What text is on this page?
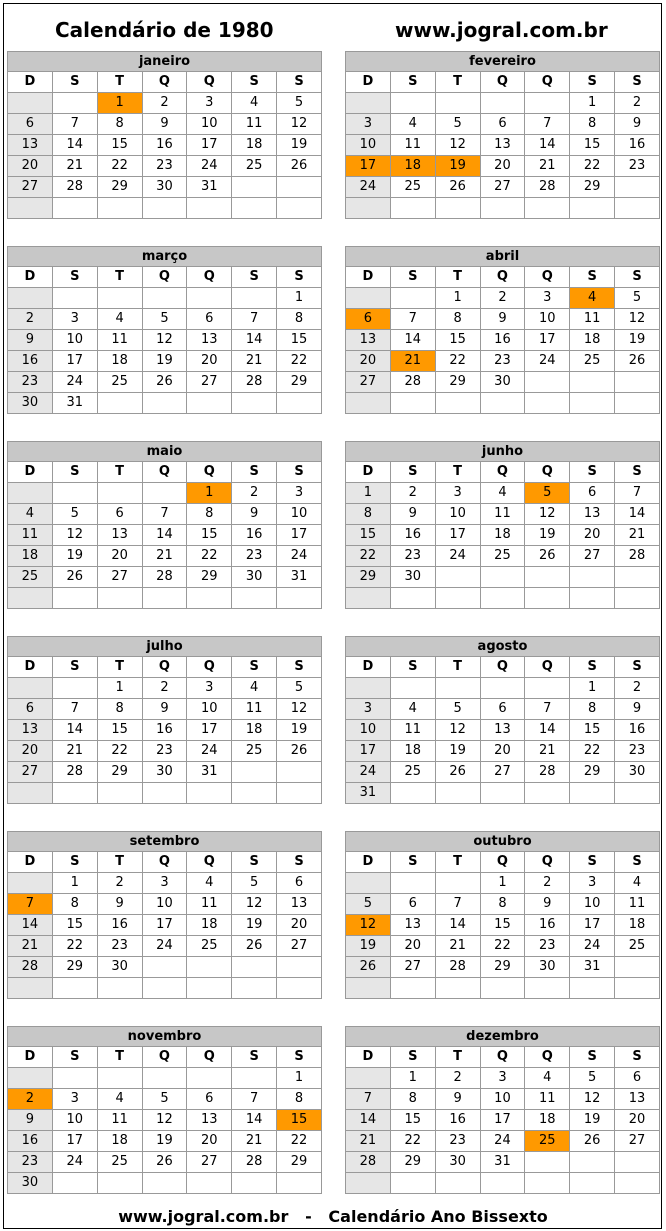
Calendário de 1980	www.jogral.com.br
janeiro						
D	S	T	Q	Q	S	S
		1	2	3	4	5
6	7	8	9	10	11	12
13	14	15	16	17	18	19
20	21	22	23	24	25	26
27	28	29	30	31		

fevereiro						
D	S	T	Q	Q	S	S
					1	2
3	4	5	6	7	8	9
10	11	12	13	14	15	16
17	18	19	20	21	22	23
24	25	26	27	28	29	

março						
D	S	T	Q	Q	S	S
						1
2	3	4	5	6	7	8
9	10	11	12	13	14	15
16	17	18	19	20	21	22
23	24	25	26	27	28	29
30	31					
abril						
D	S	T	Q	Q	S	S
		1	2	3	4	5
6	7	8	9	10	11	12
13	14	15	16	17	18	19
20	21	22	23	24	25	26
27	28	29	30			

maio						
D	S	T	Q	Q	S	S
				1	2	3
4	5	6	7	8	9	10
11	12	13	14	15	16	17
18	19	20	21	22	23	24
25	26	27	28	29	30	31

junho						
D	S	T	Q	Q	S	S
1	2	3	4	5	6	7
8	9	10	11	12	13	14
15	16	17	18	19	20	21
22	23	24	25	26	27	28
29	30					

julho						
D	S	T	Q	Q	S	S
		1	2	3	4	5
6	7	8	9	10	11	12
13	14	15	16	17	18	19
20	21	22	23	24	25	26
27	28	29	30	31		

agosto						
D	S	T	Q	Q	S	S
					1	2
3	4	5	6	7	8	9
10	11	12	13	14	15	16
17	18	19	20	21	22	23
24	25	26	27	28	29	30
31						
setembro						
D	S	T	Q	Q	S	S
	1	2	3	4	5	6
7	8	9	10	11	12	13
14	15	16	17	18	19	20
21	22	23	24	25	26	27
28	29	30				

outubro						
D	S	T	Q	Q	S	S
			1	2	3	4
5	6	7	8	9	10	11
12	13	14	15	16	17	18
19	20	21	22	23	24	25
26	27	28	29	30	31	

novembro						
D	S	T	Q	Q	S	S
						1
2	3	4	5	6	7	8
9	10	11	12	13	14	15
16	17	18	19	20	21	22
23	24	25	26	27	28	29
30						
dezembro						
D	S	T	Q	Q	S	S
	1	2	3	4	5	6
7	8	9	10	11	12	13
14	15	16	17	18	19	20
21	22	23	24	25	26	27
28	29	30	31			

www.jogral.com.br   -   Calendário Ano Bissexto
